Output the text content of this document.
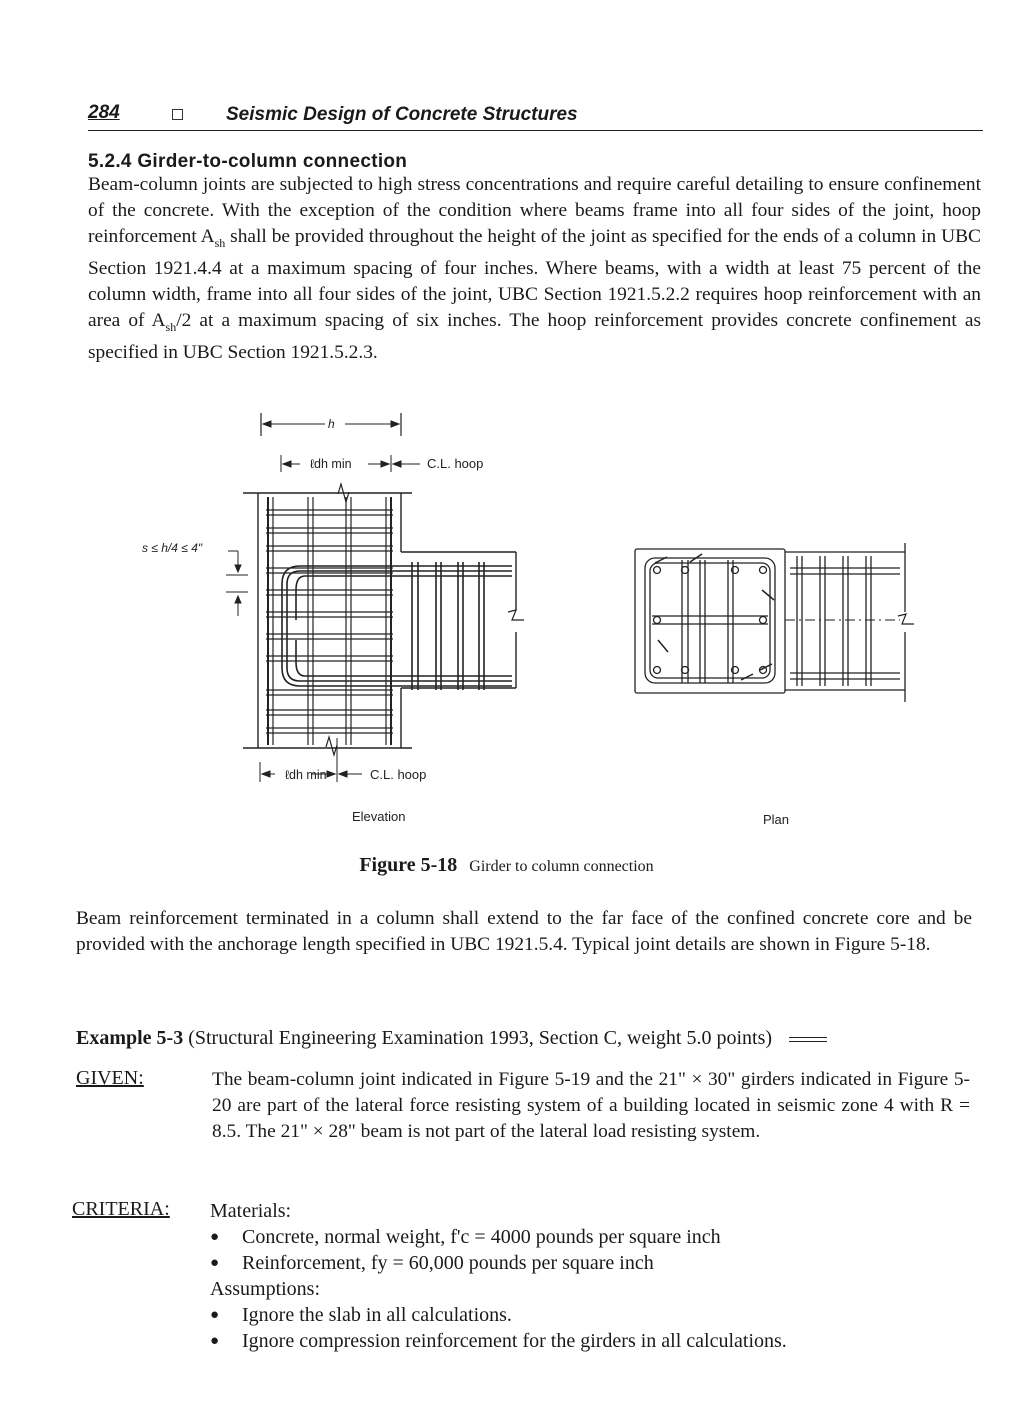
284	Seismic Design of Concrete Structures
5.2.4 Girder-to-column connection
Beam-column joints are subjected to high stress concentrations and require careful detailing to ensure confinement of the concrete. With the exception of the condition where beams frame into all four sides of the joint, hoop reinforcement $A_{sh}$ shall be provided throughout the height of the joint as specified for the ends of a column in UBC Section 1921.4.4 at a maximum spacing of four inches. Where beams, with a width at least 75 percent of the column width, frame into all four sides of the joint, UBC Section 1921.5.2.2 requires hoop reinforcement with an area of $A_{sh}/2$ at a maximum spacing of six inches. The hoop reinforcement provides concrete confinement as specified in UBC Section 1921.5.2.3.
h
ℓdh min	C.L. hoop
s ≤ h/4 ≤ 4"
ℓdh min	C.L. hoop
Elevation	Plan
Figure 5-18 Girder to column connection
Beam reinforcement terminated in a column shall extend to the far face of the confined concrete core and be provided with the anchorage length specified in UBC 1921.5.4. Typical joint details are shown in Figure 5-18.
Example 5-3 (Structural Engineering Examination 1993, Section C, weight 5.0 points)
GIVEN:	The beam-column joint indicated in Figure 5-19 and the 21" × 30" girders indicated in Figure 5-20 are part of the lateral force resisting system of a building located in seismic zone 4 with R = 8.5. The 21" × 28" beam is not part of the lateral load resisting system.
CRITERIA: Materials:
● Concrete, normal weight, f'c = 4000 pounds per square inch
● Reinforcement, fy = 60,000 pounds per square inch
Assumptions:
● Ignore the slab in all calculations.
● Ignore compression reinforcement for the girders in all calculations.
